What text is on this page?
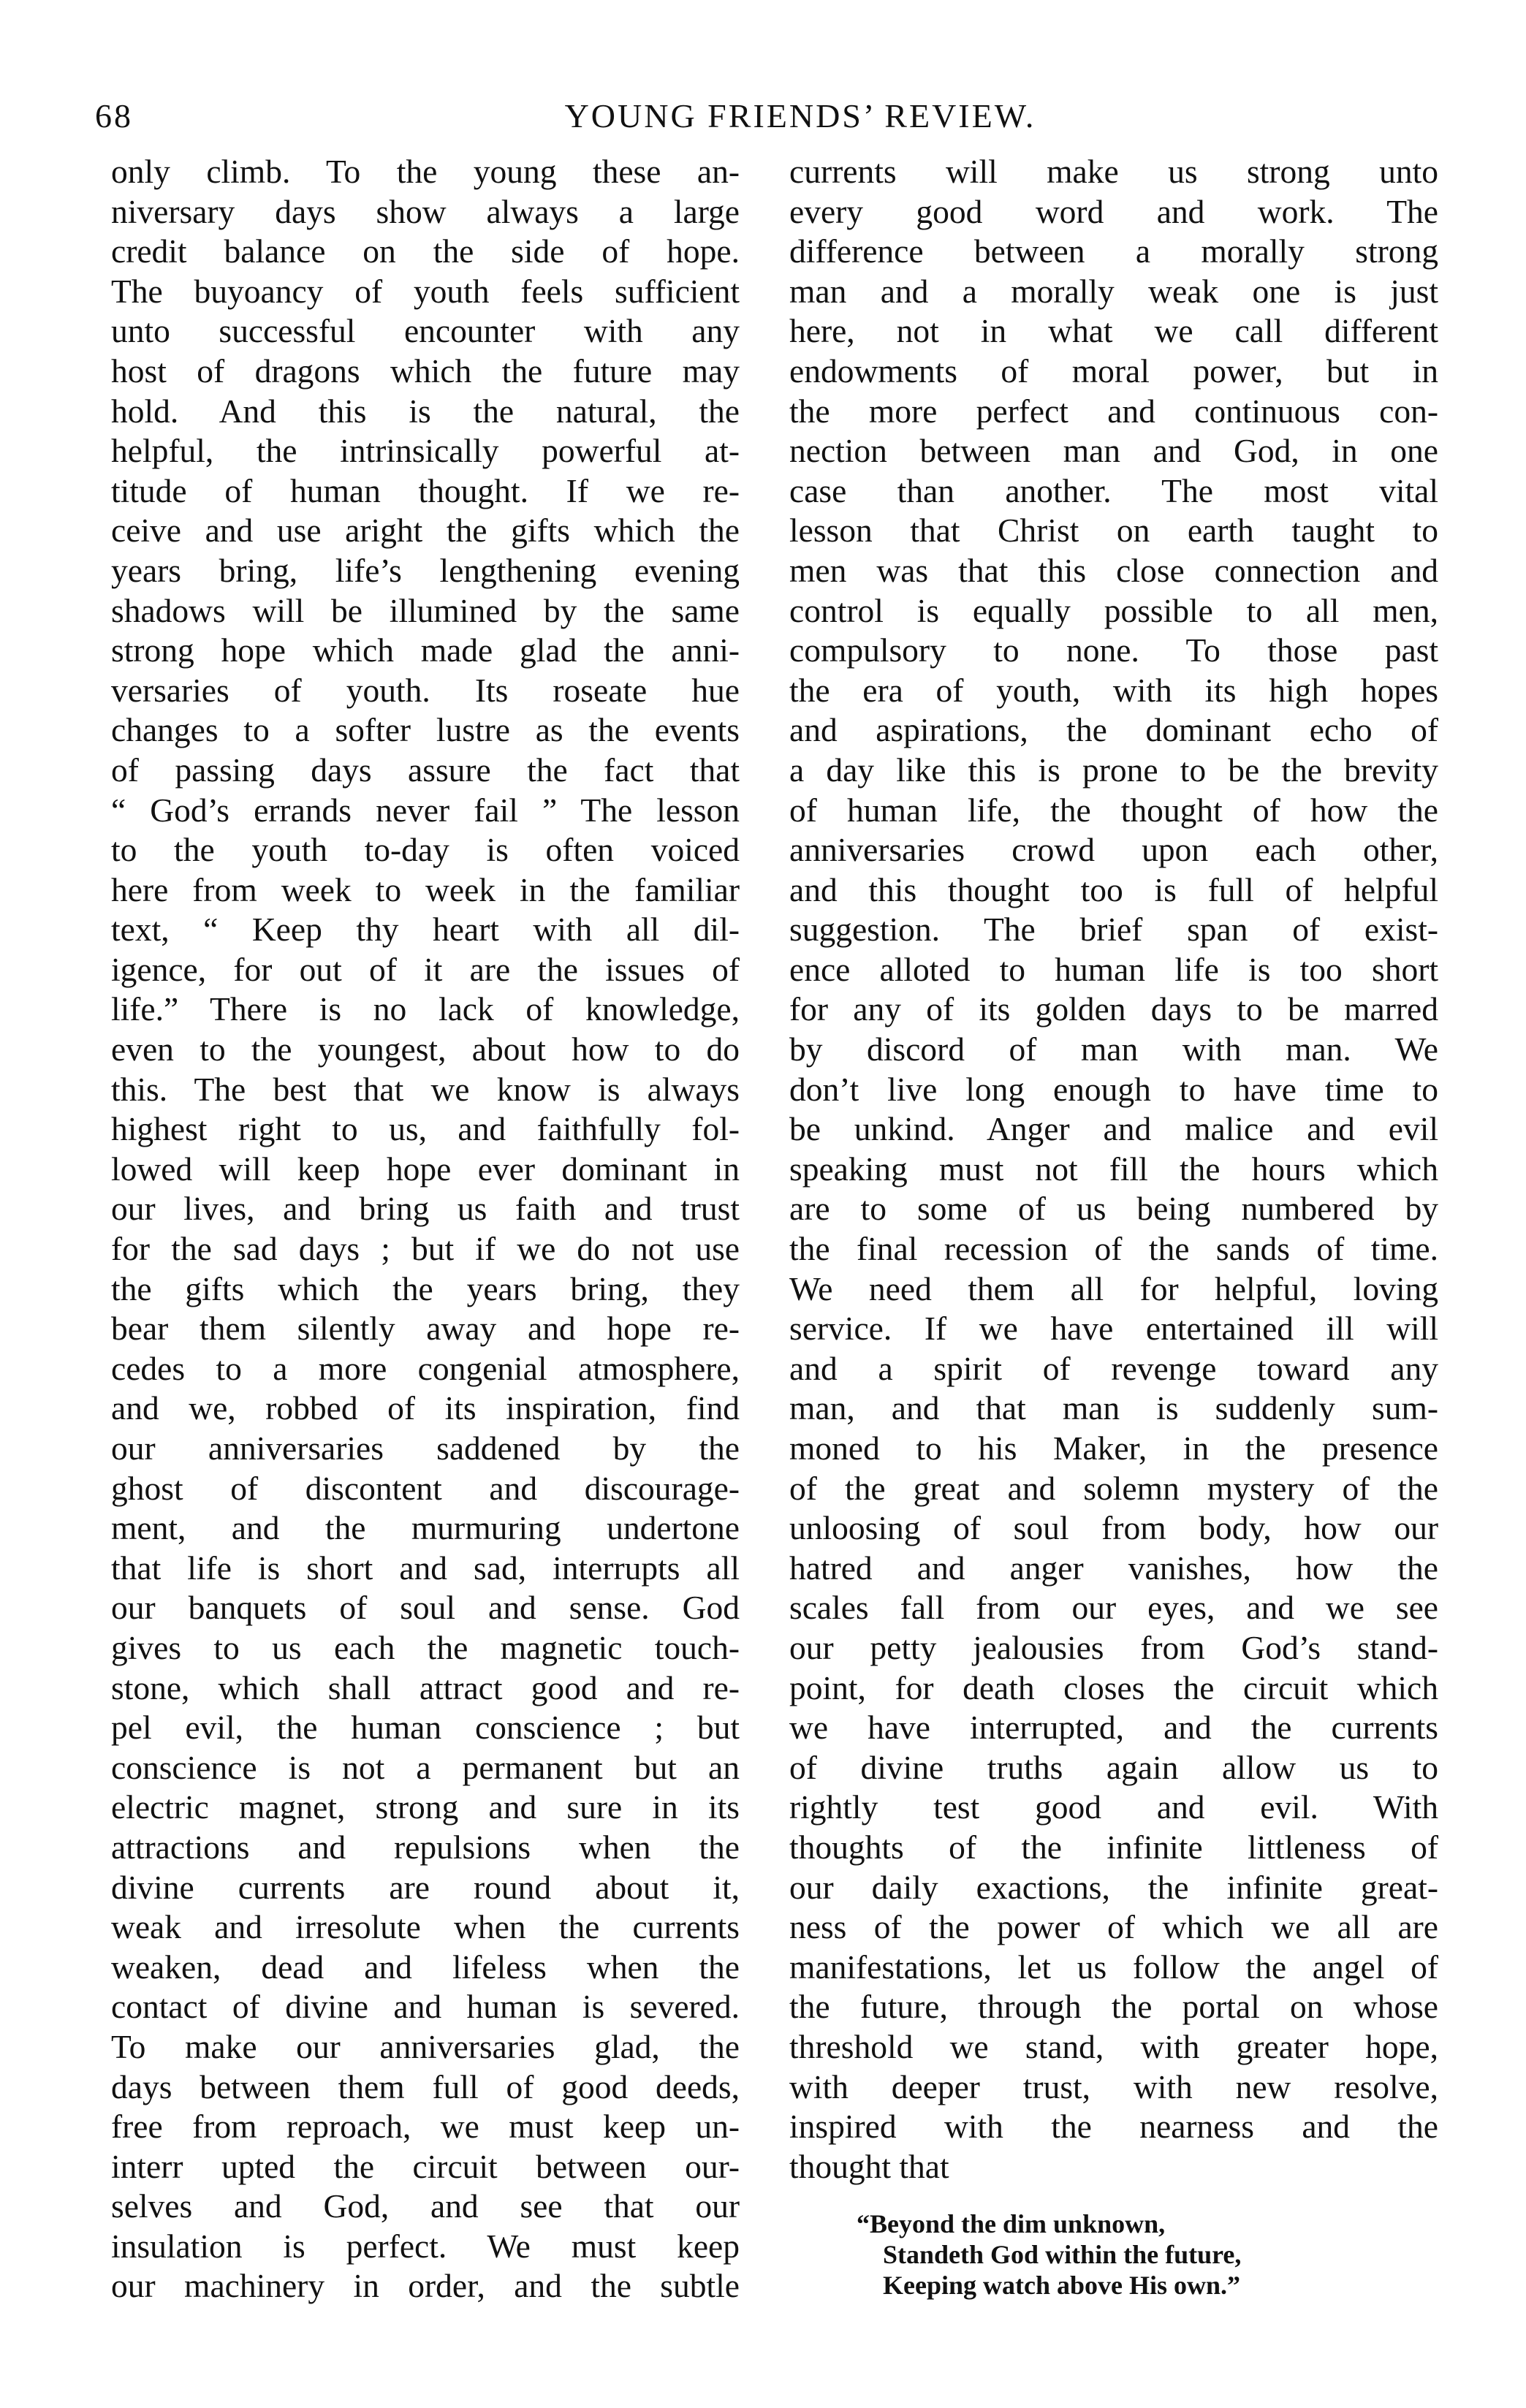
68	YOUNG FRIENDS’ REVIEW.
only climb. To the young these an-
niversary days show always a large
credit balance on the side of hope.
The buyoancy of youth feels sufficient
unto successful encounter with any
host of dragons which the future may
hold. And this is the natural, the
helpful, the intrinsically powerful at-
titude of human thought. If we re-
ceive and use aright the gifts which the
years bring, life’s lengthening evening
shadows will be illumined by the same
strong hope which made glad the anni-
versaries of youth. Its roseate hue
changes to a softer lustre as the events
of passing days assure the fact that
“ God’s errands never fail ” The lesson
to the youth to-day is often voiced
here from week to week in the familiar
text, “ Keep thy heart with all dil-
igence, for out of it are the issues of
life.” There is no lack of knowledge,
even to the youngest, about how to do
this. The best that we know is always
highest right to us, and faithfully fol-
lowed will keep hope ever dominant in
our lives, and bring us faith and trust
for the sad days ; but if we do not use
the gifts which the years bring, they
bear them silently away and hope re-
cedes to a more congenial atmosphere,
and we, robbed of its inspiration, find
our anniversaries saddened by the
ghost of discontent and discourage-
ment, and the murmuring undertone
that life is short and sad, interrupts all
our banquets of soul and sense. God
gives to us each the magnetic touch-
stone, which shall attract good and re-
pel evil, the human conscience ; but
conscience is not a permanent but an
electric magnet, strong and sure in its
attractions and repulsions when the
divine currents are round about it,
weak and irresolute when the currents
weaken, dead and lifeless when the
contact of divine and human is severed.
To make our anniversaries glad, the
days between them full of good deeds,
free from reproach, we must keep un-
interr upted the circuit between our-
selves and God, and see that our
insulation is perfect. We must keep
our machinery in order, and the subtle
currents will make us strong unto
every good word and work. The
difference between a morally strong
man and a morally weak one is just
here, not in what we call different
endowments of moral power, but in
the more perfect and continuous con-
nection between man and God, in one
case than another. The most vital
lesson that Christ on earth taught to
men was that this close connection and
control is equally possible to all men,
compulsory to none. To those past
the era of youth, with its high hopes
and aspirations, the dominant echo of
a day like this is prone to be the brevity
of human life, the thought of how the
anniversaries crowd upon each other,
and this thought too is full of helpful
suggestion. The brief span of exist-
ence alloted to human life is too short
for any of its golden days to be marred
by discord of man with man. We
don’t live long enough to have time to
be unkind. Anger and malice and evil
speaking must not fill the hours which
are to some of us being numbered by
the final recession of the sands of time.
We need them all for helpful, loving
service. If we have entertained ill will
and a spirit of revenge toward any
man, and that man is suddenly sum-
moned to his Maker, in the presence
of the great and solemn mystery of the
unloosing of soul from body, how our
hatred and anger vanishes, how the
scales fall from our eyes, and we see
our petty jealousies from God’s stand-
point, for death closes the circuit which
we have interrupted, and the currents
of divine truths again allow us to
rightly test good and evil. With
thoughts of the infinite littleness of
our daily exactions, the infinite great-
ness of the power of which we all are
manifestations, let us follow the angel of
the future, through the portal on whose
threshold we stand, with greater hope,
with deeper trust, with new resolve,
inspired with the nearness and the
thought that
“Beyond the dim unknown,
Standeth God within the future,
Keeping watch above His own.”
